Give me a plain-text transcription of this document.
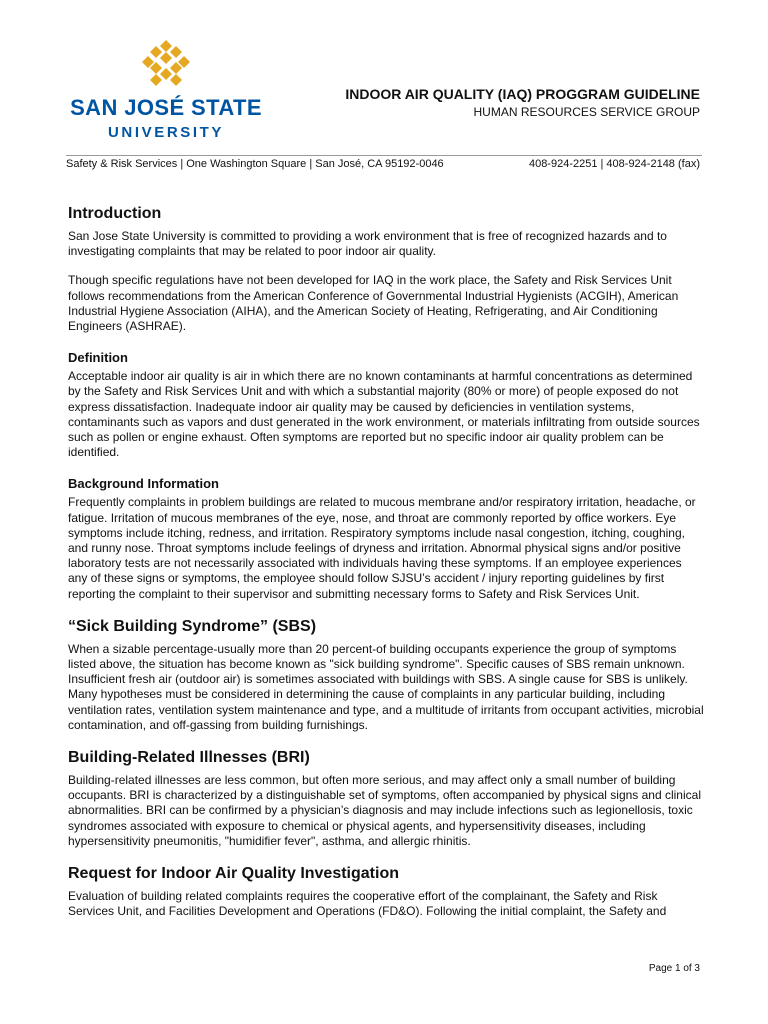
SAN JOSÉ STATE
UNIVERSITY
INDOOR AIR QUALITY (IAQ) PROGGRAM GUIDELINE
HUMAN RESOURCES SERVICE GROUP
Safety & Risk Services | One Washington Square | San José, CA 95192-0046	408-924-2251 | 408-924-2148 (fax)
Introduction

San Jose State University is committed to providing a work environment that is free of recognized hazards and to investigating complaints that may be related to poor indoor air quality.

Though specific regulations have not been developed for IAQ in the work place, the Safety and Risk Services Unit follows recommendations from the American Conference of Governmental Industrial Hygienists (ACGIH), American Industrial Hygiene Association (AIHA), and the American Society of Heating, Refrigerating, and Air Conditioning Engineers (ASHRAE).

Definition

Acceptable indoor air quality is air in which there are no known contaminants at harmful concentrations as determined by the Safety and Risk Services Unit and with which a substantial majority (80% or more) of people exposed do not express dissatisfaction. Inadequate indoor air quality may be caused by deficiencies in ventilation systems, contaminants such as vapors and dust generated in the work environment, or materials infiltrating from outside sources such as pollen or engine exhaust. Often symptoms are reported but no specific indoor air quality problem can be identified.

Background Information

Frequently complaints in problem buildings are related to mucous membrane and/or respiratory irritation, headache, or fatigue. Irritation of mucous membranes of the eye, nose, and throat are commonly reported by office workers. Eye symptoms include itching, redness, and irritation. Respiratory symptoms include nasal congestion, itching, coughing, and runny nose. Throat symptoms include feelings of dryness and irritation. Abnormal physical signs and/or positive laboratory tests are not necessarily associated with individuals having these symptoms. If an employee experiences any of these signs or symptoms, the employee should follow SJSU’s accident / injury reporting guidelines by first reporting the complaint to their supervisor and submitting necessary forms to Safety and Risk Services Unit.

“Sick Building Syndrome” (SBS)

When a sizable percentage-usually more than 20 percent-of building occupants experience the group of symptoms listed above, the situation has become known as "sick building syndrome". Specific causes of SBS remain unknown. Insufficient fresh air (outdoor air) is sometimes associated with buildings with SBS. A single cause for SBS is unlikely. Many hypotheses must be considered in determining the cause of complaints in any particular building, including ventilation rates, ventilation system maintenance and type, and a multitude of irritants from occupant activities, microbial contamination, and off-gassing from building furnishings.

Building-Related Illnesses (BRI)

Building-related illnesses are less common, but often more serious, and may affect only a small number of building occupants. BRI is characterized by a distinguishable set of symptoms, often accompanied by physical signs and clinical abnormalities. BRI can be confirmed by a physician’s diagnosis and may include infections such as legionellosis, toxic syndromes associated with exposure to chemical or physical agents, and hypersensitivity diseases, including hypersensitivity pneumonitis, "humidifier fever", asthma, and allergic rhinitis.

Request for Indoor Air Quality Investigation

Evaluation of building related complaints requires the cooperative effort of the complainant, the Safety and Risk Services Unit, and Facilities Development and Operations (FD&O). Following the initial complaint, the Safety and

Page 1 of 3
